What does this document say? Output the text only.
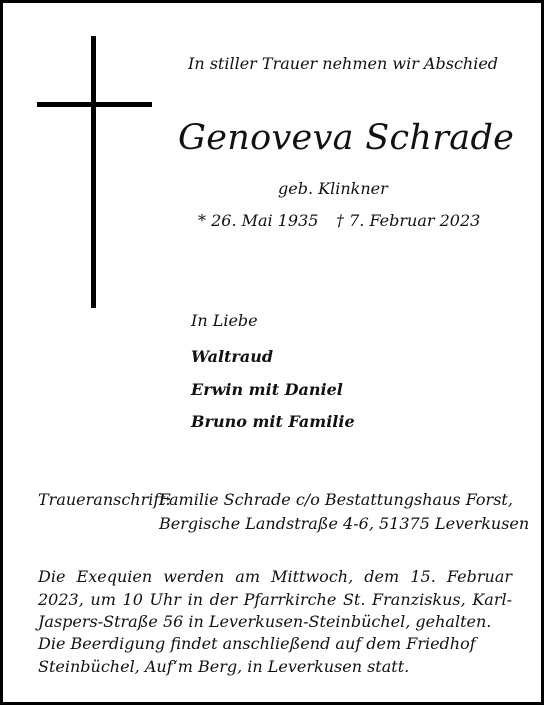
In stiller Trauer nehmen wir Abschied
Genoveva Schrade
geb. Klinkner
* 26. Mai 1935 † 7. Februar 2023
In Liebe
Waltraud
Erwin mit Daniel
Bruno mit Familie
Traueranschrift:
Familie Schrade c/o Bestattungshaus Forst,
Bergische Landstraße 4-6, 51375 Leverkusen
Die Exequien werden am Mittwoch, dem 15. Februar 2023, um 10 Uhr in der Pfarrkirche St. Franziskus, Karl-Jaspers-Straße 56 in Leverkusen-Steinbüchel, gehalten.
Die Beerdigung findet anschließend auf dem Friedhof Steinbüchel, Auf‘m Berg, in Leverkusen statt.
